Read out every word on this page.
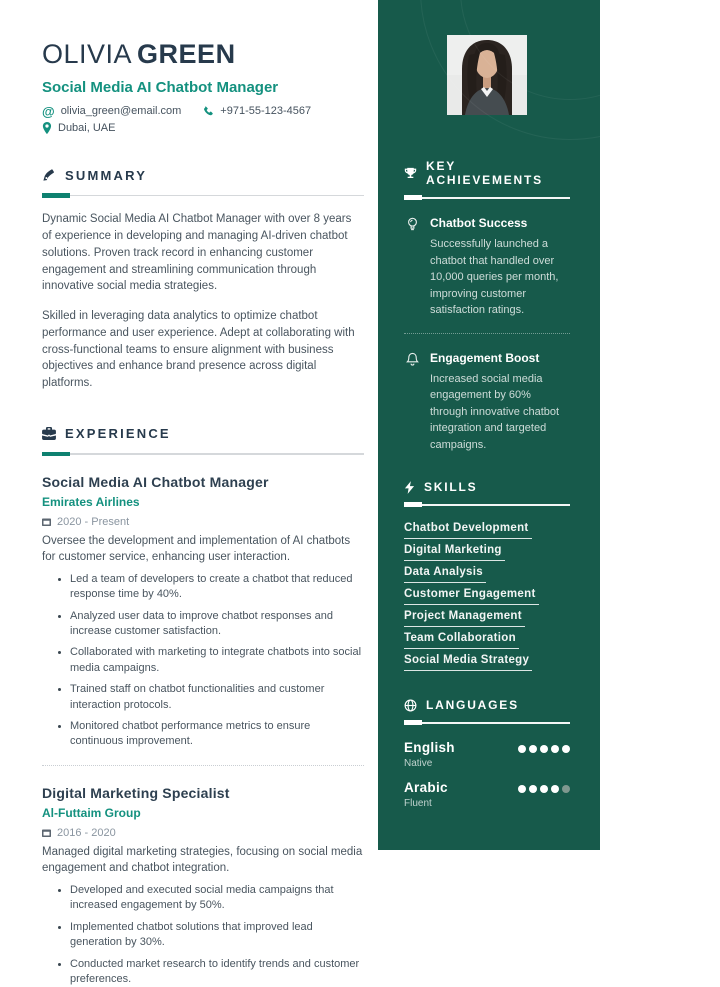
OLIVIA GREEN
Social Media AI Chatbot Manager
@ olivia_green@email.com	+971-55-123-4567
Dubai, UAE
SUMMARY

Dynamic Social Media AI Chatbot Manager with over 8 years of experience in developing and managing AI-driven chatbot solutions. Proven track record in enhancing customer engagement and streamlining communication through innovative social media strategies.

Skilled in leveraging data analytics to optimize chatbot performance and user experience. Adept at collaborating with cross-functional teams to ensure alignment with business objectives and enhance brand presence across digital platforms.

EXPERIENCE
Social Media AI Chatbot Manager
Emirates Airlines
2020 - Present
Oversee the development and implementation of AI chatbots for customer service, enhancing user interaction.
• Led a team of developers to create a chatbot that reduced response time by 40%.
• Analyzed user data to improve chatbot responses and increase customer satisfaction.
• Collaborated with marketing to integrate chatbots into social media campaigns.
• Trained staff on chatbot functionalities and customer interaction protocols.
• Monitored chatbot performance metrics to ensure continuous improvement.
Digital Marketing Specialist
Al-Futtaim Group
2016 - 2020
Managed digital marketing strategies, focusing on social media engagement and chatbot integration.
• Developed and executed social media campaigns that increased engagement by 50%.
• Implemented chatbot solutions that improved lead generation by 30%.
• Conducted market research to identify trends and customer preferences.
KEY ACHIEVEMENTS
Chatbot Success
Successfully launched a chatbot that handled over 10,000 queries per month, improving customer satisfaction ratings.
Engagement Boost
Increased social media engagement by 60% through innovative chatbot integration and targeted campaigns.
SKILLS
Chatbot Development
Digital Marketing
Data Analysis
Customer Engagement
Project Management
Team Collaboration
Social Media Strategy
LANGUAGES
English
Native
Arabic
Fluent
